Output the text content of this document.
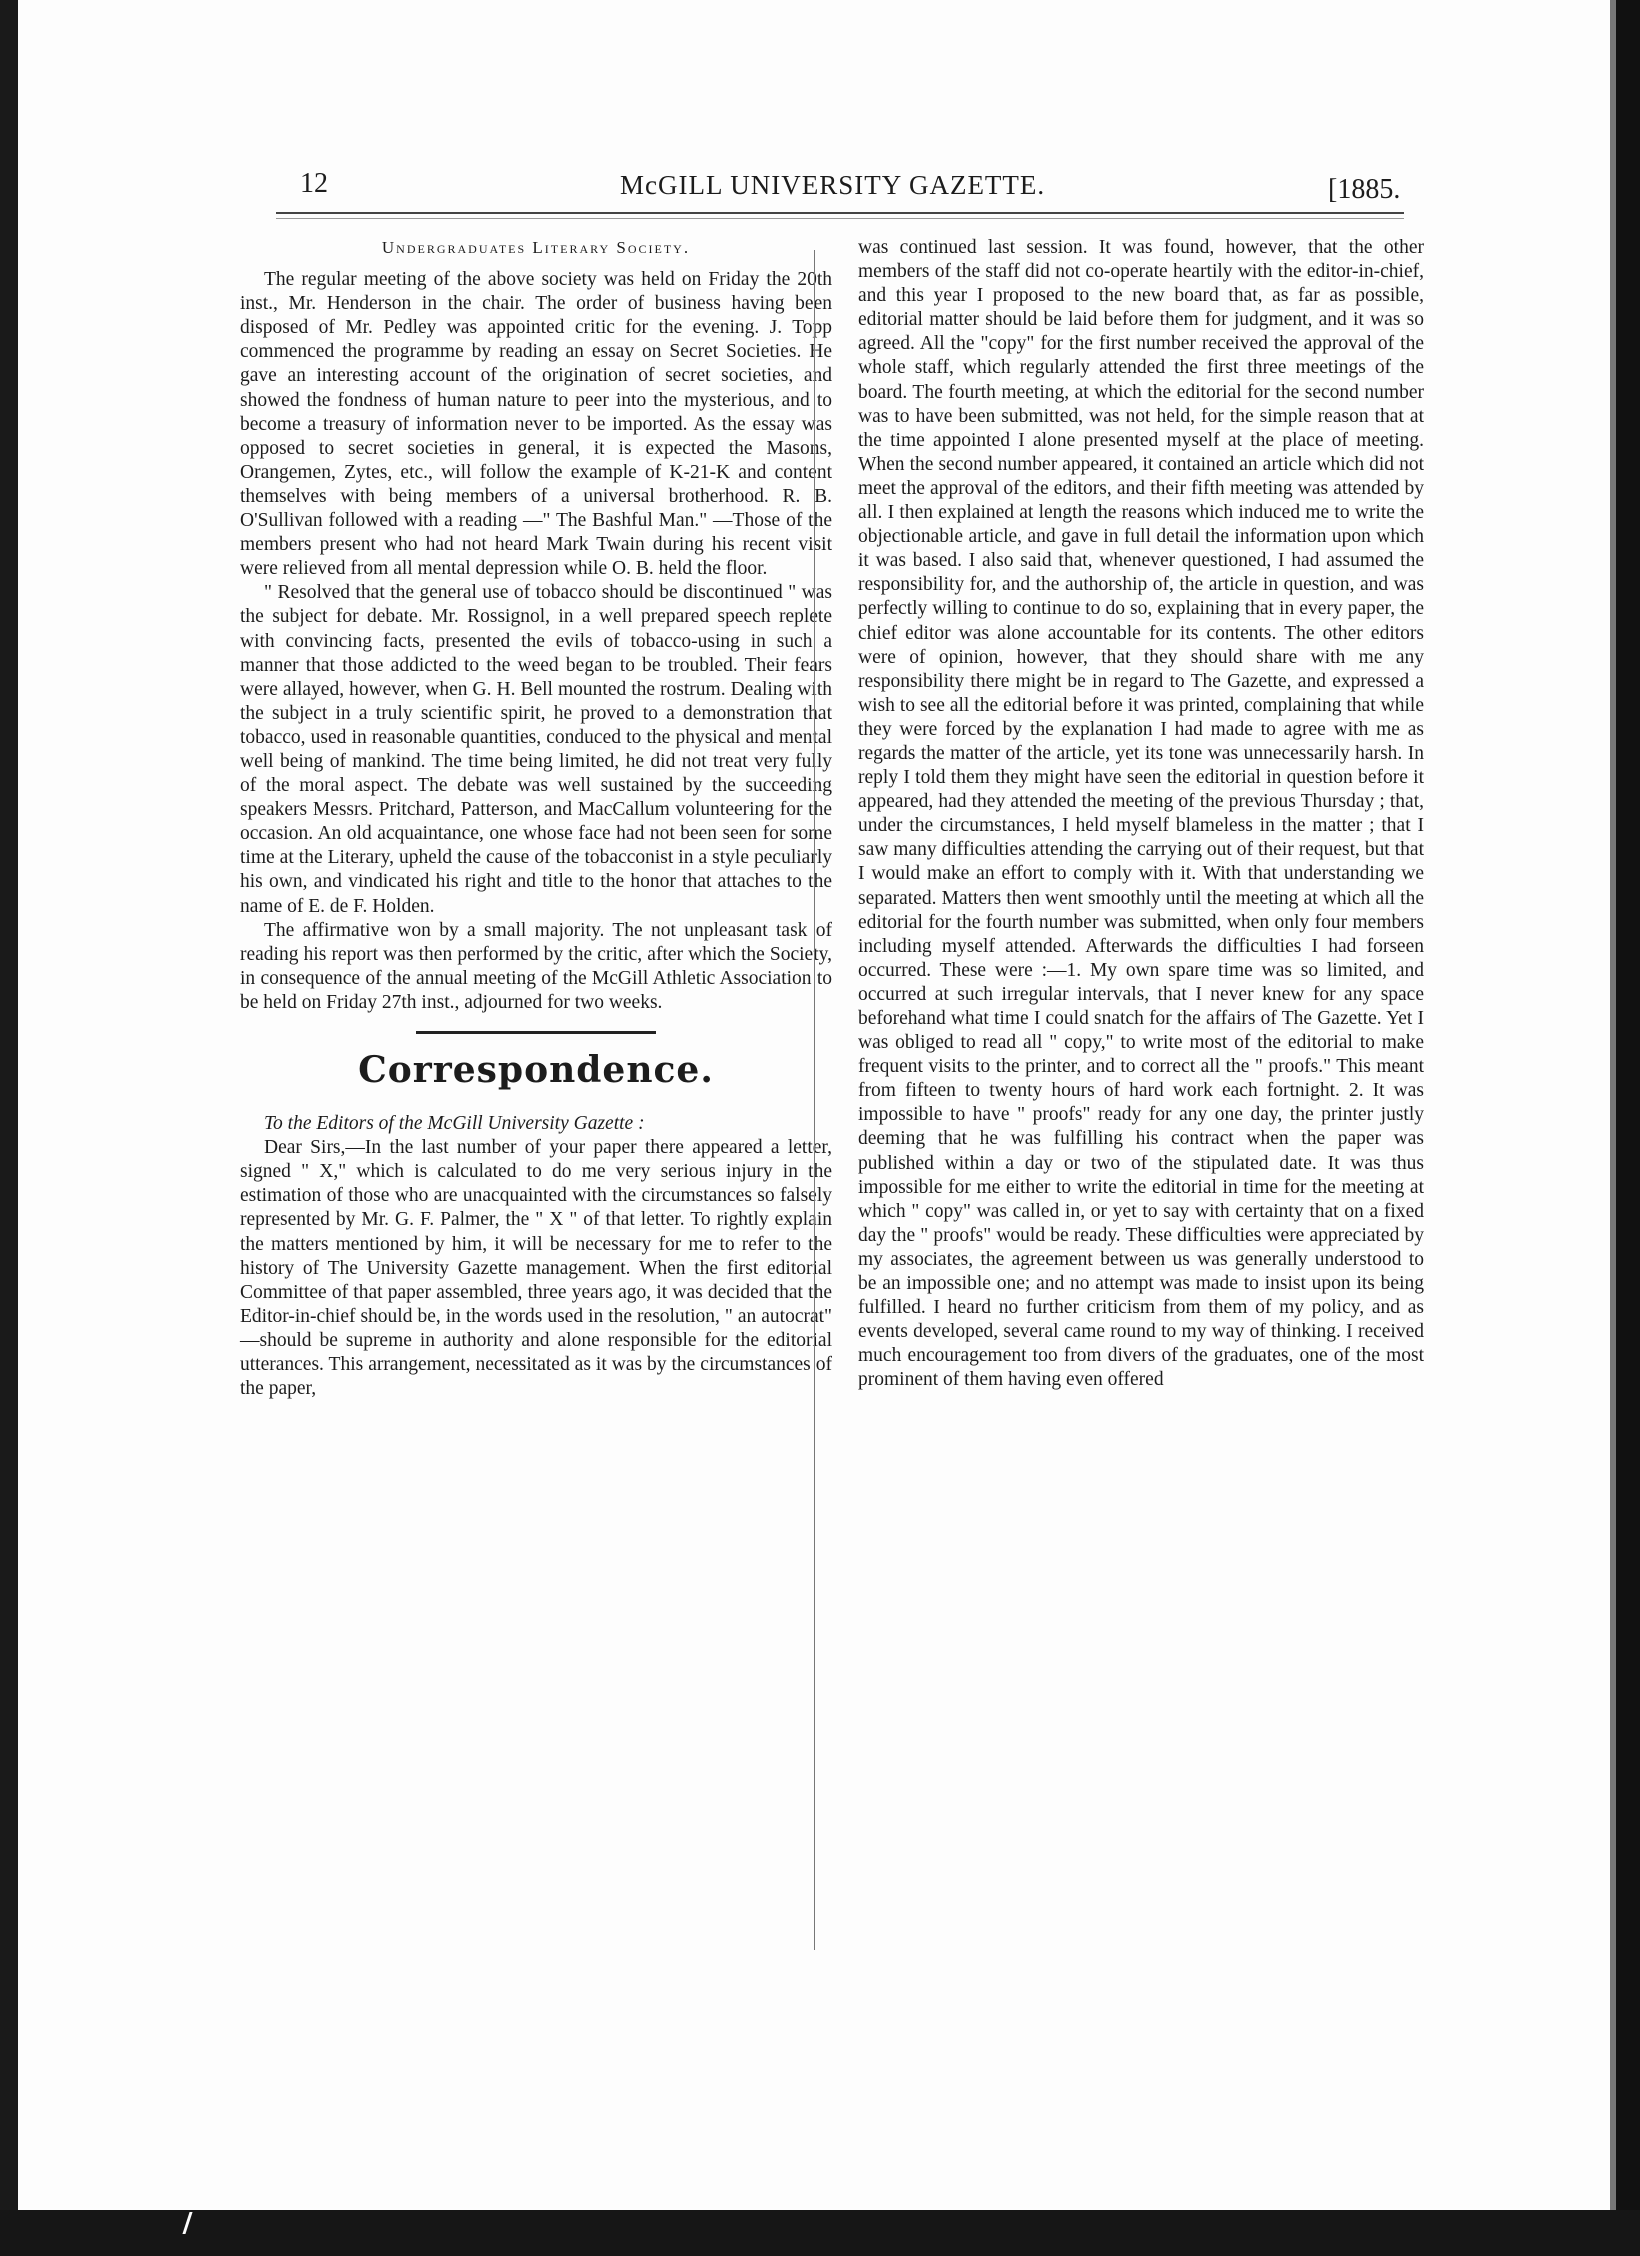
12	McGILL UNIVERSITY GAZETTE.	[1885.
Undergraduates Literary Society.

The regular meeting of the above society was held on Friday the 20th inst., Mr. Henderson in the chair. The order of business having been disposed of Mr. Pedley was appointed critic for the evening. J. Topp commenced the programme by reading an essay on Secret Societies. He gave an interesting account of the origination of secret societies, and showed the fondness of human nature to peer into the mysterious, and to become a treasury of information never to be imported. As the essay was opposed to secret societies in general, it is expected the Masons, Orangemen, Zytes, etc., will follow the example of K-21-K and content themselves with being members of a universal brotherhood. R. B. O'Sullivan followed with a reading —" The Bashful Man." —Those of the members present who had not heard Mark Twain during his recent visit were relieved from all mental depression while O. B. held the floor.

" Resolved that the general use of tobacco should be discontinued " was the subject for debate. Mr. Rossignol, in a well prepared speech replete with convincing facts, presented the evils of tobacco-using in such a manner that those addicted to the weed began to be troubled. Their fears were allayed, however, when G. H. Bell mounted the rostrum. Dealing with the subject in a truly scientific spirit, he proved to a demonstration that tobacco, used in reasonable quantities, conduced to the physical and mental well being of mankind. The time being limited, he did not treat very fully of the moral aspect. The debate was well sustained by the succeeding speakers Messrs. Pritchard, Patterson, and MacCallum volunteering for the occasion. An old acquaintance, one whose face had not been seen for some time at the Literary, upheld the cause of the tobacconist in a style peculiarly his own, and vindicated his right and title to the honor that attaches to the name of E. de F. Holden.

The affirmative won by a small majority. The not unpleasant task of reading his report was then performed by the critic, after which the Society, in consequence of the annual meeting of the McGill Athletic Association to be held on Friday 27th inst., adjourned for two weeks.

Correspondence.

To the Editors of the McGill University Gazette :

Dear Sirs,—In the last number of your paper there appeared a letter, signed " X," which is calculated to do me very serious injury in the estimation of those who are unacquainted with the circumstances so falsely represented by Mr. G. F. Palmer, the " X " of that letter. To rightly explain the matters mentioned by him, it will be necessary for me to refer to the history of The University Gazette management. When the first editorial Committee of that paper assembled, three years ago, it was decided that the Editor-in-chief should be, in the words used in the resolution, " an autocrat" —should be supreme in authority and alone responsible for the editorial utterances. This arrangement, necessitated as it was by the circumstances of the paper,

was continued last session. It was found, however, that the other members of the staff did not co-operate heartily with the editor-in-chief, and this year I proposed to the new board that, as far as possible, editorial matter should be laid before them for judgment, and it was so agreed. All the "copy" for the first number received the approval of the whole staff, which regularly attended the first three meetings of the board. The fourth meeting, at which the editorial for the second number was to have been submitted, was not held, for the simple reason that at the time appointed I alone presented myself at the place of meeting. When the second number appeared, it contained an article which did not meet the approval of the editors, and their fifth meeting was attended by all. I then explained at length the reasons which induced me to write the objectionable article, and gave in full detail the information upon which it was based. I also said that, whenever questioned, I had assumed the responsibility for, and the authorship of, the article in question, and was perfectly willing to continue to do so, explaining that in every paper, the chief editor was alone accountable for its contents. The other editors were of opinion, however, that they should share with me any responsibility there might be in regard to The Gazette, and expressed a wish to see all the editorial before it was printed, complaining that while they were forced by the explanation I had made to agree with me as regards the matter of the article, yet its tone was unnecessarily harsh. In reply I told them they might have seen the editorial in question before it appeared, had they attended the meeting of the previous Thursday ; that, under the circumstances, I held myself blameless in the matter ; that I saw many difficulties attending the carrying out of their request, but that I would make an effort to comply with it. With that understanding we separated. Matters then went smoothly until the meeting at which all the editorial for the fourth number was submitted, when only four members including myself attended. Afterwards the difficulties I had forseen occurred. These were :—1. My own spare time was so limited, and occurred at such irregular intervals, that I never knew for any space beforehand what time I could snatch for the affairs of The Gazette. Yet I was obliged to read all " copy," to write most of the editorial to make frequent visits to the printer, and to correct all the " proofs." This meant from fifteen to twenty hours of hard work each fortnight. 2. It was impossible to have " proofs" ready for any one day, the printer justly deeming that he was fulfilling his contract when the paper was published within a day or two of the stipulated date. It was thus impossible for me either to write the editorial in time for the meeting at which " copy" was called in, or yet to say with certainty that on a fixed day the " proofs" would be ready. These difficulties were appreciated by my associates, the agreement between us was generally understood to be an impossible one; and no attempt was made to insist upon its being fulfilled. I heard no further criticism from them of my policy, and as events developed, several came round to my way of thinking. I received much encouragement too from divers of the graduates, one of the most prominent of them having even offered
